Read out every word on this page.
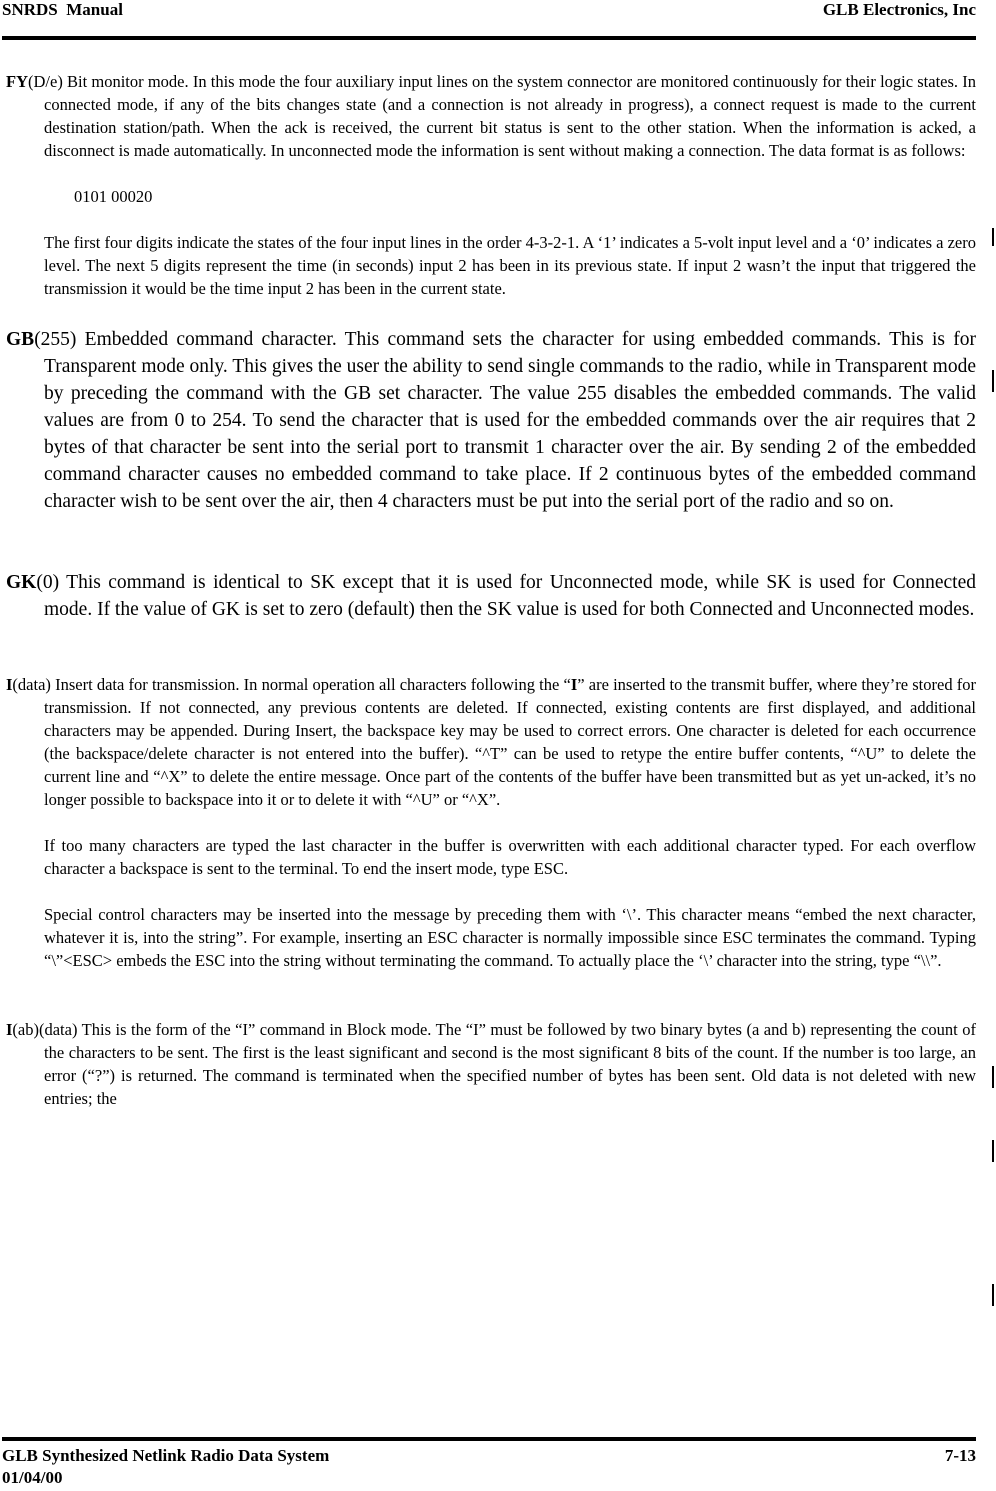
SNRDS  Manual	GLB Electronics, Inc

FY(D/e) Bit monitor mode. In this mode the four auxiliary input lines on the system connector are monitored continuously for their logic states. In connected mode, if any of the bits changes state (and a connection is not already in progress), a connect request is made to the current destination station/path. When the ack is received, the current bit status is sent to the other station. When the information is acked, a disconnect is made automatically. In unconnected mode the information is sent without making a connection. The data format is as follows:

0101 00020
The first four digits indicate the states of the four input lines in the order 4-3-2-1. A ‘1’ indicates a 5-volt input level and a ‘0’ indicates a zero level. The next 5 digits represent the time (in seconds) input 2 has been in its previous state. If input 2 wasn’t the input that triggered the transmission it would be the time input 2 has been in the current state.

GB(255) Embedded command character. This command sets the character for using embedded commands. This is for Transparent mode only. This gives the user the ability to send single commands to the radio, while in Transparent mode by preceding the command with the GB set character. The value 255 disables the embedded commands. The valid values are from 0 to 254. To send the character that is used for the embedded commands over the air requires that 2 bytes of that character be sent into the serial port to transmit 1 character over the air. By sending 2 of the embedded command character causes no embedded command to take place. If 2 continuous bytes of the embedded command character wish to be sent over the air, then 4 characters must be put into the serial port of the radio and so on.

GK(0) This command is identical to SK except that it is used for Unconnected mode, while SK is used for Connected mode. If the value of GK is set to zero (default) then the SK value is used for both Connected and Unconnected modes.

I(data) Insert data for transmission. In normal operation all characters following the “I” are inserted to the transmit buffer, where they’re stored for transmission. If not connected, any previous contents are deleted. If connected, existing contents are first displayed, and additional characters may be appended. During Insert, the backspace key may be used to correct errors. One character is deleted for each occurrence (the backspace/delete character is not entered into the buffer). “^T” can be used to retype the entire buffer contents, “^U” to delete the current line and “^X” to delete the entire message. Once part of the contents of the buffer have been transmitted but as yet un-acked, it’s no longer possible to backspace into it or to delete it with “^U” or “^X”.

If too many characters are typed the last character in the buffer is overwritten with each additional character typed. For each overflow character a backspace is sent to the terminal. To end the insert mode, type ESC.
Special control characters may be inserted into the message by preceding them with ‘\’. This character means “embed the next character, whatever it is, into the string”. For example, inserting an ESC character is normally impossible since ESC terminates the command. Typing “\”<ESC> embeds the ESC into the string without terminating the command. To actually place the ‘\’ character into the string, type “\\”.

I(ab)(data) This is the form of the “I” command in Block mode. The “I” must be followed by two binary bytes (a and b) representing the count of the characters to be sent. The first is the least significant and second is the most significant 8 bits of the count. If the number is too large, an error (“?”) is returned. The command is terminated when the specified number of bytes has been sent. Old data is not deleted with new entries; the

GLB Synthesized Netlink Radio Data System	7-13
01/04/00
